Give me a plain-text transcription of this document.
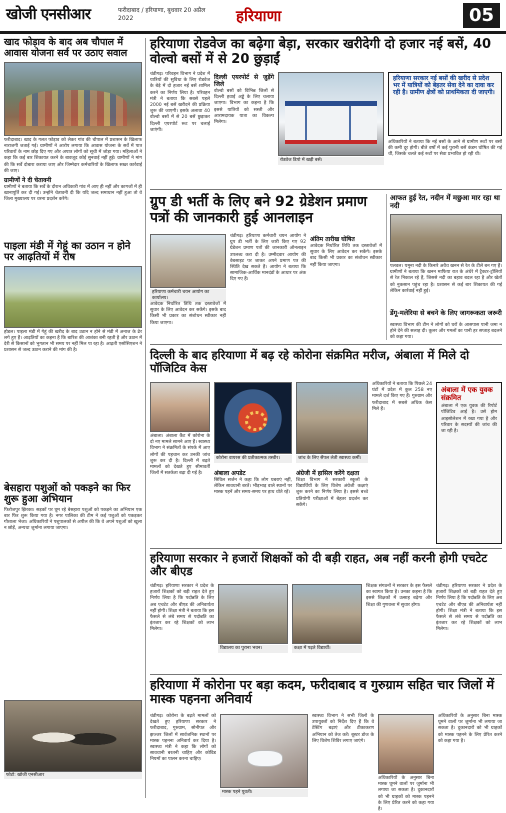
खोजी एनसीआर	फरीदाबाद / हरियाणा, बुधवार 20 अप्रैल 2022	हरियाणा	05
खाद फोड़ाव के बाद अब चौपाल में आवास योजना सर्व पर उठाए सवाल

फरीदाबाद। खाद के गलत फोड़ाव को लेकर गांव की चौपाल में प्रशासन के खिलाफ नाराजगी जताई गई। ग्रामीणों ने आरोप लगाया कि आवास योजना के सर्वे में पात्र परिवारों के नाम छोड़ दिए गए और अपात्र लोगों को सूची में जोड़ा गया। महिलाओं ने कहा कि कई बार शिकायत करने के बावजूद कोई सुनवाई नहीं हुई। ग्रामीणों ने मांग की कि सर्वे दोबारा कराया जाए और जिम्मेदार कर्मचारियों के खिलाफ सख्त कार्रवाई की जाए।

ग्रामीणों ने दी चेतावनी

ग्रामीणों ने बताया कि सर्वे के दौरान अधिकारी गांव में आए ही नहीं और कागजों में ही खानापूर्ति कर दी गई। उन्होंने चेतावनी दी कि यदि जल्द समाधान नहीं हुआ तो वे जिला मुख्यालय पर धरना प्रदर्शन करेंगे।

पाइला मंडी में गेहूं का उठान न होने पर आढ़तियों में रोष

होडल। पाइला मंडी में गेहूं की खरीद के बाद उठान न होने से मंडी में अनाज के ढेर लगे हुए हैं। आढ़तियों का कहना है कि बारिश की आशंका बनी रहती है और उठान में देरी से किसानों को भुगतान भी समय पर नहीं मिल पा रहा है। आढ़ती एसोसिएशन ने प्रशासन से जल्द उठान कराने की मांग की है।

बेसहारा पशुओं को पकड़ने का फिर शुरू हुआ अभियान

फिरोजपुर झिरका। सड़कों पर घूम रहे बेसहारा पशुओं को पकड़ने का अभियान एक बार फिर शुरू किया गया है। नगर पालिका की टीम ने कई पशुओं को पकड़कर गौशाला भेजा। अधिकारियों ने पशुपालकों से अपील की कि वे अपने पशुओं को खुला न छोड़ें, अन्यथा जुर्माना लगाया जाएगा।

फोटो: खोजी एनसीआर
हरियाणा रोडवेज का बढ़ेगा बेड़ा, सरकार खरीदेगी दो हजार नई बसें, 40 वोल्वो बसों में से 20 छुड़ाईं

चंडीगढ़। परिवहन विभाग ने प्रदेश में यात्रियों की सुविधा के लिए रोडवेज के बेड़े में दो हजार नई बसें शामिल करने का निर्णय लिया है। परिवहन मंत्री ने बताया कि सबसे पहले 2000 नई बसें खरीदने की प्रक्रिया शुरू की जाएगी। इसके अलावा 40 वोल्वो बसों में से 20 बसें छुड़ाकर दिल्ली एयरपोर्ट रूट पर चलाई जाएंगी।

दिल्ली एयरपोर्ट से जुड़ेंगे जिले

वोल्वो बसों को विभिन्न जिलों से दिल्ली हवाई अड्डे के लिए चलाया जाएगा। विभाग का कहना है कि इससे यात्रियों को सस्ती और आरामदायक यात्रा का विकल्प मिलेगा।

रोडवेज डिपो में खड़ी बसें।
हरियाणा सरकार नई बसों की खरीद से प्रदेश भर में यात्रियों को बेहतर सेवा देने का दावा कर रही है। ग्रामीण क्षेत्रों को प्राथमिकता दी जाएगी।

अधिकारियों ने बताया कि नई बसों के आने से ग्रामीण रूटों पर बसों की कमी दूर होगी। बीते वर्षों में कई पुरानी बसें कंडम घोषित की गई थीं, जिसके चलते कई रूटों पर सेवा प्रभावित हो रही थी।

ग्रुप डी भर्ती के लिए बने 92 ग्रेडेशन प्रमाण पत्रों की जानकारी हुई आनलाइन
हरियाणा कर्मचारी चयन आयोग का कार्यालय।

चंडीगढ़। हरियाणा कर्मचारी चयन आयोग ने ग्रुप डी भर्ती के लिए जारी किए गए 92 ग्रेडेशन प्रमाण पत्रों की जानकारी ऑनलाइन उपलब्ध करा दी है। उम्मीदवार आयोग की वेबसाइट पर जाकर अपने प्रमाण पत्र की स्थिति देख सकते हैं। आयोग ने बताया कि सामाजिक-आर्थिक मानदंडों के आधार पर अंक दिए गए हैं।

अंतिम तारीख घोषित

आवेदक निर्धारित तिथि तक दस्तावेजों में सुधार के लिए आवेदन कर सकेंगे। इसके बाद किसी भी प्रकार का संशोधन स्वीकार नहीं किया जाएगा।

आवेदक निर्धारित तिथि तक दस्तावेजों में सुधार के लिए आवेदन कर सकेंगे। इसके बाद किसी भी प्रकार का संशोधन स्वीकार नहीं किया जाएगा।

आफत हुई रेत, नदीन में मछुआ मार रहा था नदी

पलवल। यमुना नदी के किनारे अवैध खनन से रेत के टीले बन गए हैं। ग्रामीणों ने बताया कि खनन माफिया रात के अंधेरे में ट्रैक्टर-ट्रॉलियों से रेत निकाल रहे हैं, जिससे नदी का बहाव बदल रहा है और खेतों को नुकसान पहुंच रहा है। प्रशासन से कई बार शिकायत की गई लेकिन कार्रवाई नहीं हुई।

डेंगू-मलेरिया से बचने के लिए जागरूकता जरूरी

स्वास्थ्य विभाग की टीम ने लोगों को घरों के आसपास पानी जमा न होने देने की सलाह दी। कूलर और गमलों का पानी हर सप्ताह बदलने को कहा गया।

दिल्ली के बाद हरियाणा में बढ़ रहे कोरोना संक्रमित मरीज, अंबाला में मिले दो पॉजिटिव केस

अंबाला। अंबाला कैंट में कोरोना के दो नए मामले सामने आए हैं। स्वास्थ्य विभाग ने संक्रमितों के संपर्क में आए लोगों की पहचान कर उनकी जांच शुरू कर दी है। दिल्ली में बढ़ते मामलों को देखते हुए सीमावर्ती जिलों में सतर्कता बढ़ा दी गई है।

कोरोना वायरस की प्रतीकात्मक तस्वीर।
अंबाला अपडेट

सिविल सर्जन ने कहा कि लोग घबराएं नहीं, लेकिन सावधानी बरतें। भीड़भाड़ वाले स्थानों पर मास्क पहनें और समय-समय पर हाथ धोते रहें।

जांच के लिए सैंपल लेती स्वास्थ्य कर्मी।
अंग्रेजी में हासिल करेंगे दक्षता

शिक्षा विभाग ने सरकारी स्कूलों के विद्यार्थियों के लिए विशेष अंग्रेजी कक्षाएं शुरू करने का निर्णय लिया है। इससे बच्चे प्रतियोगी परीक्षाओं में बेहतर प्रदर्शन कर सकेंगे।

अधिकारियों ने बताया कि पिछले 24 घंटों में प्रदेश में कुल 258 नए मामले दर्ज किए गए हैं। गुरुग्राम और फरीदाबाद में सबसे अधिक केस मिले हैं।

अंबाला में एक युवक संक्रमित
अंबाला में एक युवक की रिपोर्ट पॉजिटिव आई है। उसे होम आइसोलेशन में रखा गया है और परिवार के सदस्यों की जांच की जा रही है।
हरियाणा सरकार ने हजारों शिक्षकों को दी बड़ी राहत, अब नहीं करनी होगी एचटेट और बीएड

चंडीगढ़। हरियाणा सरकार ने प्रदेश के हजारों शिक्षकों को बड़ी राहत देते हुए निर्णय लिया है कि पदोन्नति के लिए अब एचटेट और बीएड की अनिवार्यता नहीं होगी। शिक्षा मंत्री ने बताया कि इस फैसले से लंबे समय से पदोन्नति का इंतजार कर रहे शिक्षकों को लाभ मिलेगा।

विद्यालय का पुराना भवन।	कक्षा में पढ़ते विद्यार्थी।

शिक्षक संगठनों ने सरकार के इस फैसले का स्वागत किया है। उनका कहना है कि इससे शिक्षकों में उत्साह बढ़ेगा और शिक्षा की गुणवत्ता में सुधार होगा।

चंडीगढ़। हरियाणा सरकार ने प्रदेश के हजारों शिक्षकों को बड़ी राहत देते हुए निर्णय लिया है कि पदोन्नति के लिए अब एचटेट और बीएड की अनिवार्यता नहीं होगी। शिक्षा मंत्री ने बताया कि इस फैसले से लंबे समय से पदोन्नति का इंतजार कर रहे शिक्षकों को लाभ मिलेगा।

हरियाणा में कोरोना पर बड़ा कदम, फरीदाबाद व गुरुग्राम सहित चार जिलों में मास्क पहनना अनिवार्य

चंडीगढ़। कोरोना के बढ़ते मामलों को देखते हुए हरियाणा सरकार ने फरीदाबाद, गुरुग्राम, सोनीपत और झज्जर जिलों में सार्वजनिक स्थानों पर मास्क पहनना अनिवार्य कर दिया है। स्वास्थ्य मंत्री ने कहा कि लोगों को सावधानी बरतनी चाहिए और कोविड नियमों का पालन करना चाहिए।

मास्क पहने युवती।

स्वास्थ्य विभाग ने सभी जिलों के उपायुक्तों को निर्देश दिए हैं कि वे टेस्टिंग बढ़ाएं और टीकाकरण अभियान को तेज करें। बूस्टर डोज के लिए विशेष शिविर लगाए जाएंगे।

अधिकारियों के अनुसार बिना मास्क घूमने वालों पर जुर्माना भी लगाया जा सकता है। दुकानदारों को भी ग्राहकों को मास्क पहनने के लिए प्रेरित करने को कहा गया है।

अधिकारियों के अनुसार बिना मास्क घूमने वालों पर जुर्माना भी लगाया जा सकता है। दुकानदारों को भी ग्राहकों को मास्क पहनने के लिए प्रेरित करने को कहा गया है।
